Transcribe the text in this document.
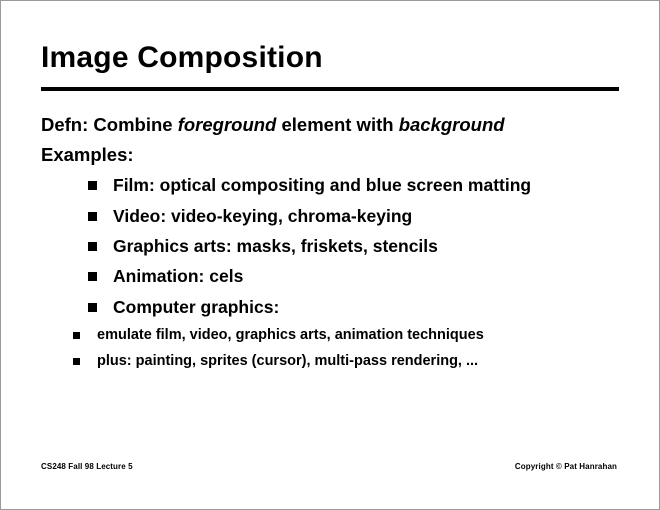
Image Composition

Defn: Combine foreground element with background

Examples:

Film: optical compositing and blue screen matting
Video: video-keying, chroma-keying
Graphics arts: masks, friskets, stencils
Animation: cels
Computer graphics:
emulate film, video, graphics arts, animation techniques
plus: painting, sprites (cursor), multi-pass rendering, ...
CS248 Fall 98 Lecture 5	Copyright © Pat Hanrahan
